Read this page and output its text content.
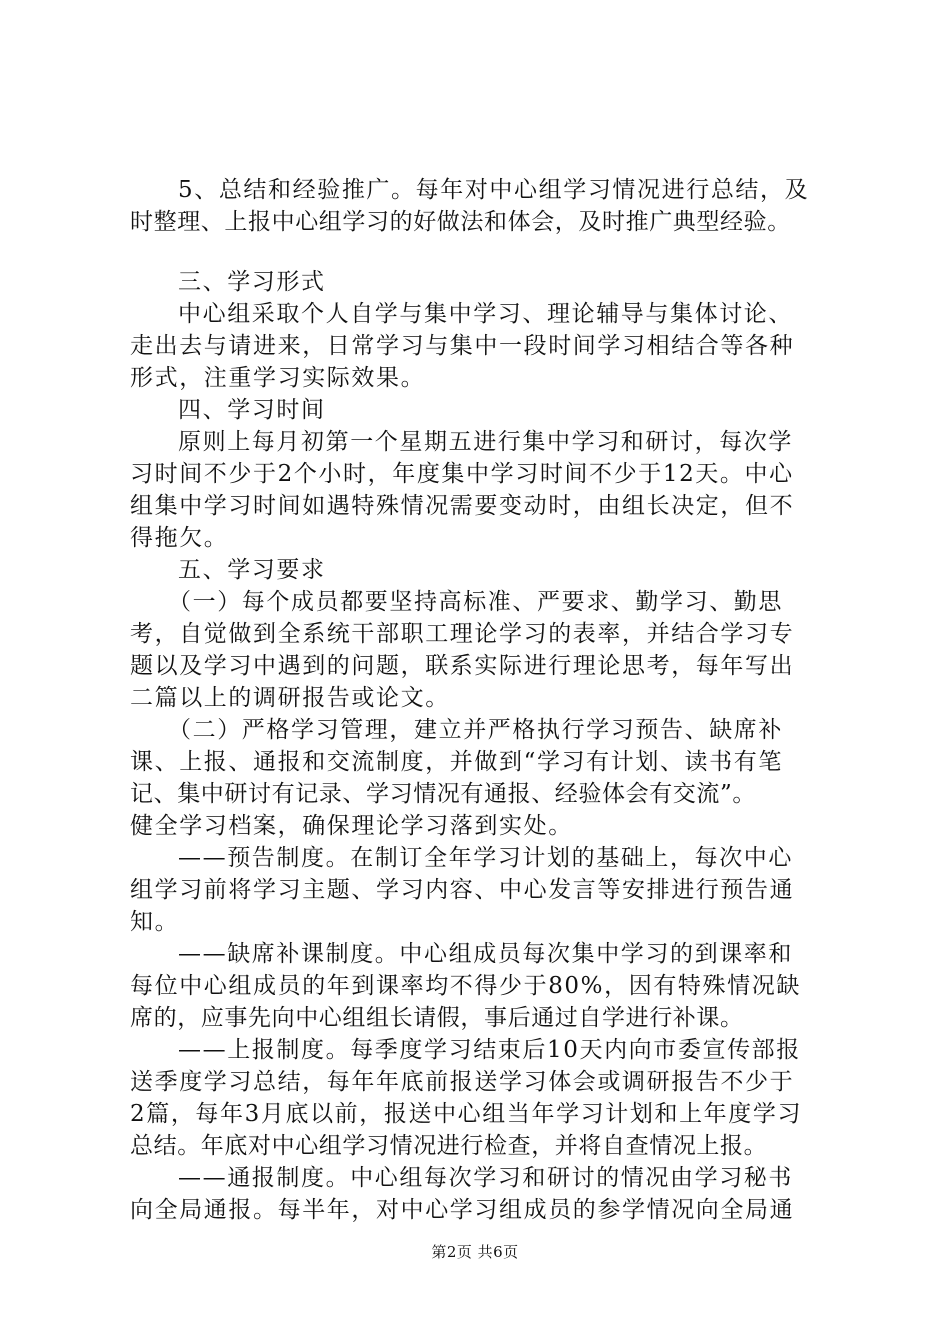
5、总结和经验推广。每年对中心组学习情况进行总结，及
时整理、上报中心组学习的好做法和体会，及时推广典型经验。
三、学习形式
中心组采取个人自学与集中学习、理论辅导与集体讨论、
走出去与请进来，日常学习与集中一段时间学习相结合等各种
形式，注重学习实际效果。
四、学习时间
原则上每月初第一个星期五进行集中学习和研讨，每次学
习时间不少于2个小时，年度集中学习时间不少于12天。中心
组集中学习时间如遇特殊情况需要变动时，由组长决定，但不
得拖欠。
五、学习要求
（一）每个成员都要坚持高标准、严要求、勤学习、勤思
考，自觉做到全系统干部职工理论学习的表率，并结合学习专
题以及学习中遇到的问题，联系实际进行理论思考，每年写出
二篇以上的调研报告或论文。
（二）严格学习管理，建立并严格执行学习预告、缺席补
课、上报、通报和交流制度，并做到“学习有计划、读书有笔
记、集中研讨有记录、学习情况有通报、经验体会有交流”。
健全学习档案，确保理论学习落到实处。
——预告制度。在制订全年学习计划的基础上，每次中心
组学习前将学习主题、学习内容、中心发言等安排进行预告通
知。
——缺席补课制度。中心组成员每次集中学习的到课率和
每位中心组成员的年到课率均不得少于80%，因有特殊情况缺
席的，应事先向中心组组长请假，事后通过自学进行补课。
——上报制度。每季度学习结束后10天内向市委宣传部报
送季度学习总结，每年年底前报送学习体会或调研报告不少于
2篇，每年3月底以前，报送中心组当年学习计划和上年度学习
总结。年底对中心组学习情况进行检查，并将自查情况上报。
——通报制度。中心组每次学习和研讨的情况由学习秘书
向全局通报。每半年，对中心学习组成员的参学情况向全局通
第2页 共6页
